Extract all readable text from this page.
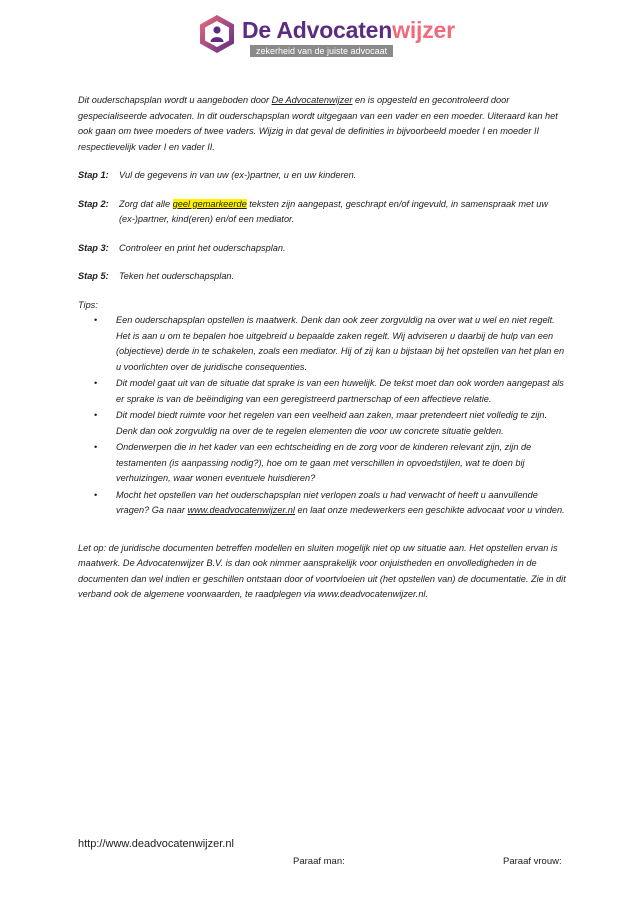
De Advocatenwijzer
zekerheid van de juiste advocaat

Dit ouderschapsplan wordt u aangeboden door De Advocatenwijzer en is opgesteld en gecontroleerd door gespecialiseerde advocaten. In dit ouderschapsplan wordt uitgegaan van een vader en een moeder. Uiteraard kan het ook gaan om twee moeders of twee vaders. Wijzig in dat geval de definities in bijvoorbeeld moeder I en moeder II respectievelijk vader I en vader II.

Stap 1:	Vul de gegevens in van uw (ex-)partner, u en uw kinderen.
Stap 2:	Zorg dat alle geel gemarkeerde teksten zijn aangepast, geschrapt en/of ingevuld, in samenspraak met uw (ex-)partner, kind(eren) en/of een mediator.
Stap 3:	Controleer en print het ouderschapsplan.
Stap 5:	Teken het ouderschapsplan.

Tips:

• Een ouderschapsplan opstellen is maatwerk. Denk dan ook zeer zorgvuldig na over wat u wel en niet regelt. Het is aan u om te bepalen hoe uitgebreid u bepaalde zaken regelt. Wij adviseren u daarbij de hulp van een (objectieve) derde in te schakelen, zoals een mediator. Hij of zij kan u bijstaan bij het opstellen van het plan en u voorlichten over de juridische consequenties.
• Dit model gaat uit van de situatie dat sprake is van een huwelijk. De tekst moet dan ook worden aangepast als er sprake is van de beëindiging van een geregistreerd partnerschap of een affectieve relatie.
• Dit model biedt ruimte voor het regelen van een veelheid aan zaken, maar pretendeert niet volledig te zijn. Denk dan ook zorgvuldig na over de te regelen elementen die voor uw concrete situatie gelden.
• Onderwerpen die in het kader van een echtscheiding en de zorg voor de kinderen relevant zijn, zijn de testamenten (is aanpassing nodig?), hoe om te gaan met verschillen in opvoedstijlen, wat te doen bij verhuizingen, waar wonen eventuele huisdieren?
• Mocht het opstellen van het ouderschapsplan niet verlopen zoals u had verwacht of heeft u aanvullende vragen? Ga naar www.deadvocatenwijzer.nl en laat onze medewerkers een geschikte advocaat voor u vinden.

Let op: de juridische documenten betreffen modellen en sluiten mogelijk niet op uw situatie aan. Het opstellen ervan is maatwerk. De Advocatenwijzer B.V. is dan ook nimmer aansprakelijk voor onjuistheden en onvolledigheden in de documenten dan wel indien er geschillen ontstaan door of voortvloeien uit (het opstellen van) de documentatie. Zie in dit verband ook de algemene voorwaarden, te raadplegen via www.deadvocatenwijzer.nl.

http://www.deadvocatenwijzer.nl
Paraaf man:	Paraaf vrouw:
